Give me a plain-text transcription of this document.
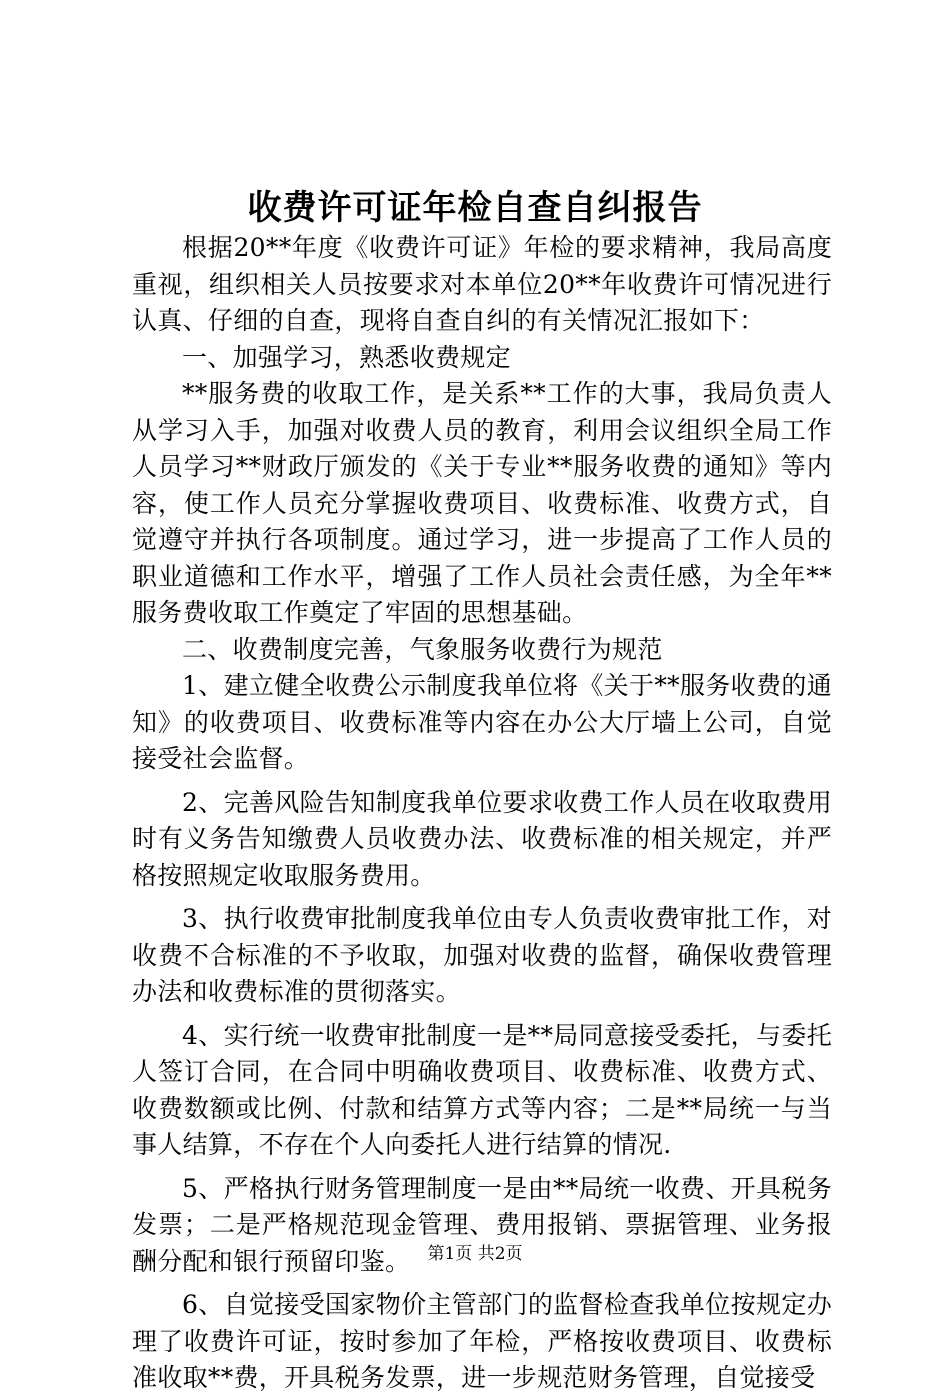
收费许可证年检自查自纠报告

根据20**年度《收费许可证》年检的要求精神，我局高度重视，组织相关人员按要求对本单位20**年收费许可情况进行认真、仔细的自查，现将自查自纠的有关情况汇报如下：

一、加强学习，熟悉收费规定

**服务费的收取工作，是关系**工作的大事，我局负责人从学习入手，加强对收费人员的教育，利用会议组织全局工作人员学习**财政厅颁发的《关于专业**服务收费的通知》等内容，使工作人员充分掌握收费项目、收费标准、收费方式，自觉遵守并执行各项制度。通过学习，进一步提高了工作人员的职业道德和工作水平，增强了工作人员社会责任感，为全年**服务费收取工作奠定了牢固的思想基础。

二、收费制度完善，气象服务收费行为规范

1、建立健全收费公示制度我单位将《关于**服务收费的通知》的收费项目、收费标准等内容在办公大厅墙上公司，自觉接受社会监督。

2、完善风险告知制度我单位要求收费工作人员在收取费用时有义务告知缴费人员收费办法、收费标准的相关规定，并严格按照规定收取服务费用。

3、执行收费审批制度我单位由专人负责收费审批工作，对收费不合标准的不予收取，加强对收费的监督，确保收费管理办法和收费标准的贯彻落实。

4、实行统一收费审批制度一是**局同意接受委托，与委托人签订合同，在合同中明确收费项目、收费标准、收费方式、收费数额或比例、付款和结算方式等内容；二是**局统一与当事人结算，不存在个人向委托人进行结算的情况.

5、严格执行财务管理制度一是由**局统一收费、开具税务发票；二是严格规范现金管理、费用报销、票据管理、业务报酬分配和银行预留印鉴。

6、自觉接受国家物价主管部门的监督检查我单位按规定办理了收费许可证，按时参加了年检，严格按收费项目、收费标准收取**费，开具税务发票，进一步规范财务管理，自觉接受

第1页 共2页
